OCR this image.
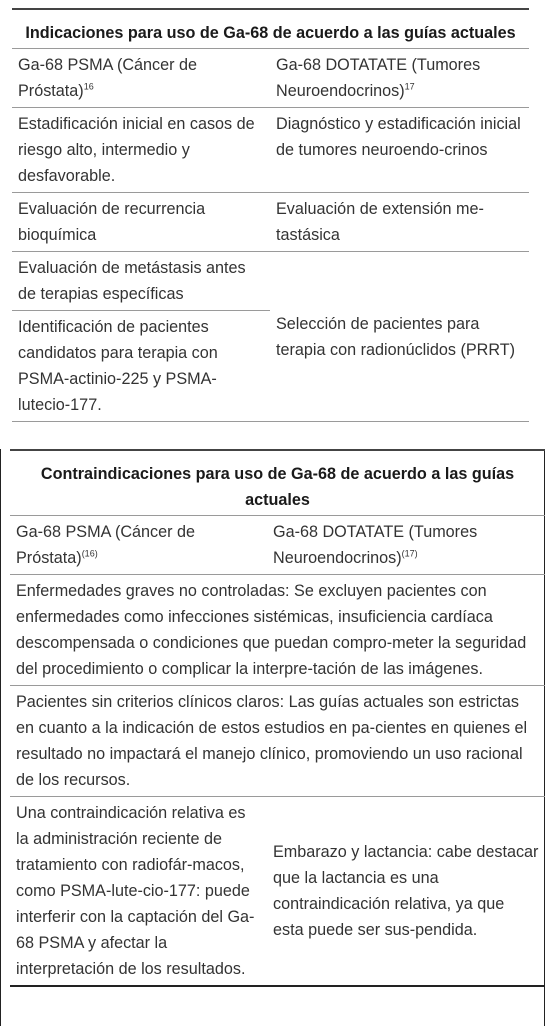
Indicaciones para uso de Ga-68 de acuerdo a las guías actuales	
Ga-68 PSMA (Cáncer de Próstata)$^{16}$	Ga-68 DOTATATE (Tumores Neuroendocrinos)$^{17}$
Estadificación inicial en casos de riesgo alto, intermedio y desfavorable.	Diagnóstico y estadificación inicial de tumores neuroendo-crinos
Evaluación de recurrencia bioquímica	Evaluación de extensión me-tastásica
Evaluación de metástasis antes de terapias específicas	Selección de pacientes para terapia con radionúclidos (PRRT)
Identificación de pacientes candidatos para terapia con PSMA-actinio-225 y PSMA-lutecio-177.	
Contraindicaciones para uso de Ga-68 de acuerdo a las guías actuales	
Ga-68 PSMA (Cáncer de Próstata)$^{(16)}$	Ga-68 DOTATATE (Tumores Neuroendocrinos)$^{(17)}$
Enfermedades graves no controladas: Se excluyen pacientes con enfermedades como infecciones sistémicas, insuficiencia cardíaca descompensada o condiciones que puedan compro-meter la seguridad del procedimiento o complicar la interpre-tación de las imágenes.	
Pacientes sin criterios clínicos claros: Las guías actuales son estrictas en cuanto a la indicación de estos estudios en pa-cientes en quienes el resultado no impactará el manejo clínico, promoviendo un uso racional de los recursos.	
Una contraindicación relativa es la administración reciente de tratamiento con radiofár-macos, como PSMA-lute-cio-177: puede interferir con la captación del Ga-68 PSMA y afectar la interpretación de los resultados.	Embarazo y lactancia: cabe destacar que la lactancia es una contraindicación relativa, ya que esta puede ser sus-pendida.
